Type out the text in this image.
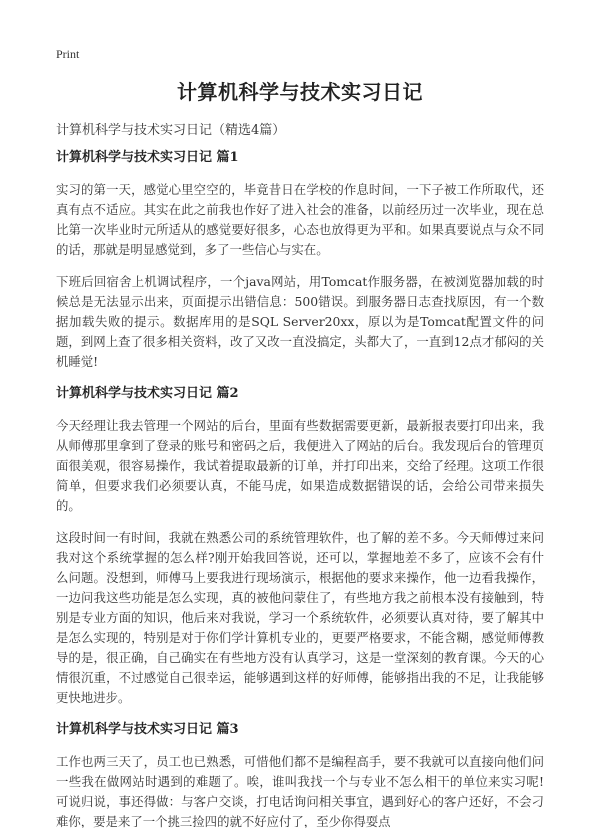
Print
计算机科学与技术实习日记

计算机科学与技术实习日记（精选4篇）

计算机科学与技术实习日记 篇1

实习的第一天，感觉心里空空的，毕竟昔日在学校的作息时间，一下子被工作所取代，还真有点不适应。其实在此之前我也作好了进入社会的准备，以前经历过一次毕业，现在总比第一次毕业时元所适从的感觉要好很多，心态也放得更为平和。如果真要说点与众不同的话，那就是明显感觉到，多了一些信心与实在。

下班后回宿舍上机调试程序，一个java网站，用Tomcat作服务器，在被浏览器加载的时候总是无法显示出来，页面提示出错信息：500错误。到服务器日志查找原因，有一个数据加载失败的提示。数据库用的是SQL Server20xx，原以为是Tomcat配置文件的问题，到网上查了很多相关资料，改了又改一直没搞定，头都大了，一直到12点才郁闷的关机睡觉!

计算机科学与技术实习日记 篇2

今天经理让我去管理一个网站的后台，里面有些数据需要更新，最新报表要打印出来，我从师傅那里拿到了登录的账号和密码之后，我便进入了网站的后台。我发现后台的管理页面很美观，很容易操作，我试着提取最新的订单，并打印出来，交给了经理。这项工作很简单，但要求我们必须要认真，不能马虎，如果造成数据错误的话，会给公司带来损失的。

这段时间一有时间，我就在熟悉公司的系统管理软件，也了解的差不多。今天师傅过来问我对这个系统掌握的怎么样?刚开始我回答说，还可以，掌握地差不多了，应该不会有什么问题。没想到，师傅马上要我进行现场演示，根据他的要求来操作，他一边看我操作，一边问我这些功能是怎么实现，真的被他问蒙住了，有些地方我之前根本没有接触到，特别是专业方面的知识，他后来对我说，学习一个系统软件，必须要认真对待，要了解其中是怎么实现的，特别是对于你们学计算机专业的，更要严格要求，不能含糊，感觉师傅教导的是，很正确，自己确实在有些地方没有认真学习，这是一堂深刻的教育课。今天的心情很沉重，不过感觉自己很幸运，能够遇到这样的好师傅，能够指出我的不足，让我能够更快地进步。

计算机科学与技术实习日记 篇3

工作也两三天了，员工也已熟悉，可惜他们都不是编程高手，要不我就可以直接向他们问一些我在做网站时遇到的难题了。唉，谁叫我找一个与专业不怎么相干的单位来实习呢!可说归说，事还得做：与客户交谈，打电话询问相关事宜，遇到好心的客户还好，不会刁难你，要是来了一个挑三捡四的就不好应付了，至少你得耍点
